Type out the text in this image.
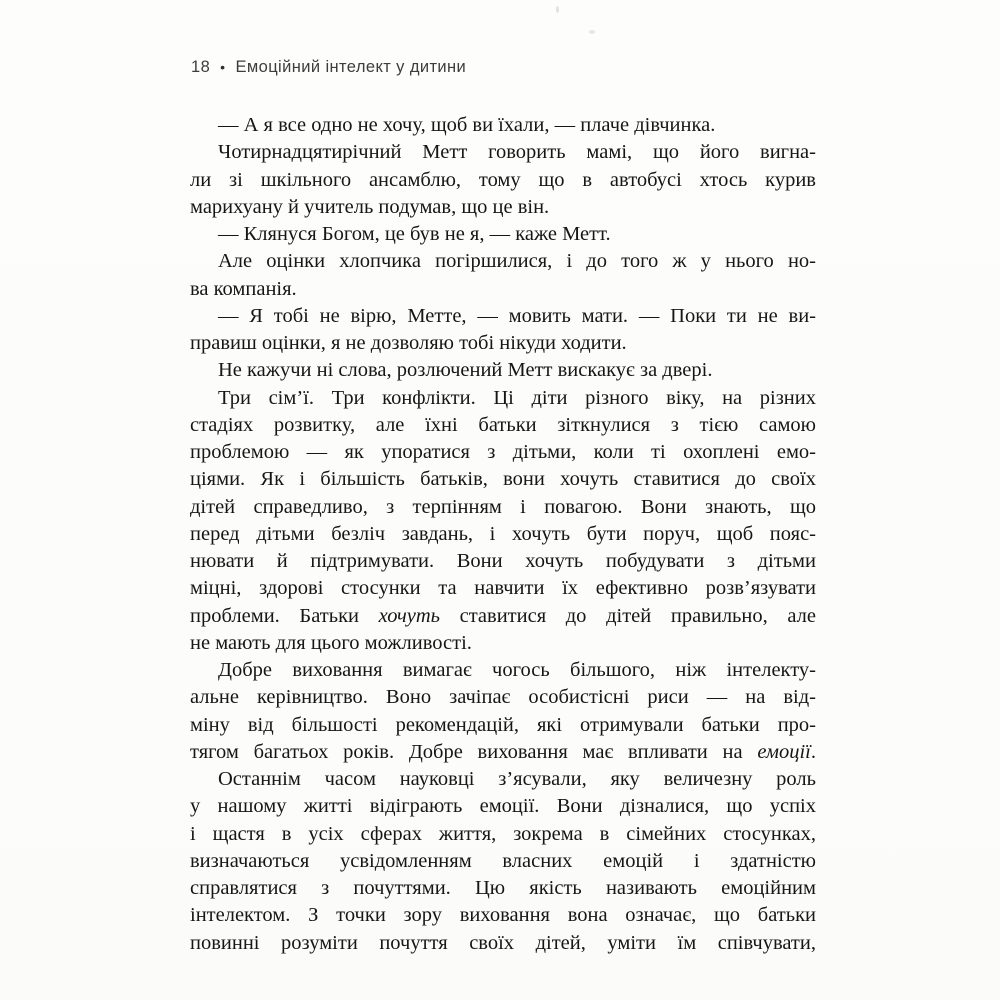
18 • Емоційний інтелект у дитини
— А я все одно не хочу, щоб ви їхали, — плаче дівчинка.
Чотирнадцятирічний Метт говорить мамі, що його вигна-
ли зі шкільного ансамблю, тому що в автобусі хтось курив
марихуану й учитель подумав, що це він.
— Клянуся Богом, це був не я, — каже Метт.
Але оцінки хлопчика погіршилися, і до того ж у нього но-
ва компанія.
— Я тобі не вірю, Метте, — мовить мати. — Поки ти не ви-
правиш оцінки, я не дозволяю тобі нікуди ходити.
Не кажучи ні слова, розлючений Метт вискакує за двері.
Три сім’ї. Три конфлікти. Ці діти різного віку, на різних
стадіях розвитку, але їхні батьки зіткнулися з тією самою
проблемою — як упоратися з дітьми, коли ті охоплені емо-
ціями. Як і більшість батьків, вони хочуть ставитися до своїх
дітей справедливо, з терпінням і повагою. Вони знають, що
перед дітьми безліч завдань, і хочуть бути поруч, щоб пояс-
нювати й підтримувати. Вони хочуть побудувати з дітьми
міцні, здорові стосунки та навчити їх ефективно розв’язувати
проблеми. Батьки хочуть ставитися до дітей правильно, але
не мають для цього можливості.
Добре виховання вимагає чогось більшого, ніж інтелекту-
альне керівництво. Воно зачіпає особистісні риси — на від-
міну від більшості рекомендацій, які отримували батьки про-
тягом багатьох років. Добре виховання має впливати на емоції.
Останнім часом науковці з’ясували, яку величезну роль
у нашому житті відіграють емоції. Вони дізналися, що успіх
і щастя в усіх сферах життя, зокрема в сімейних стосунках,
визначаються усвідомленням власних емоцій і здатністю
справлятися з почуттями. Цю якість називають емоційним
інтелектом. З точки зору виховання вона означає, що батьки
повинні розуміти почуття своїх дітей, уміти їм співчувати,
